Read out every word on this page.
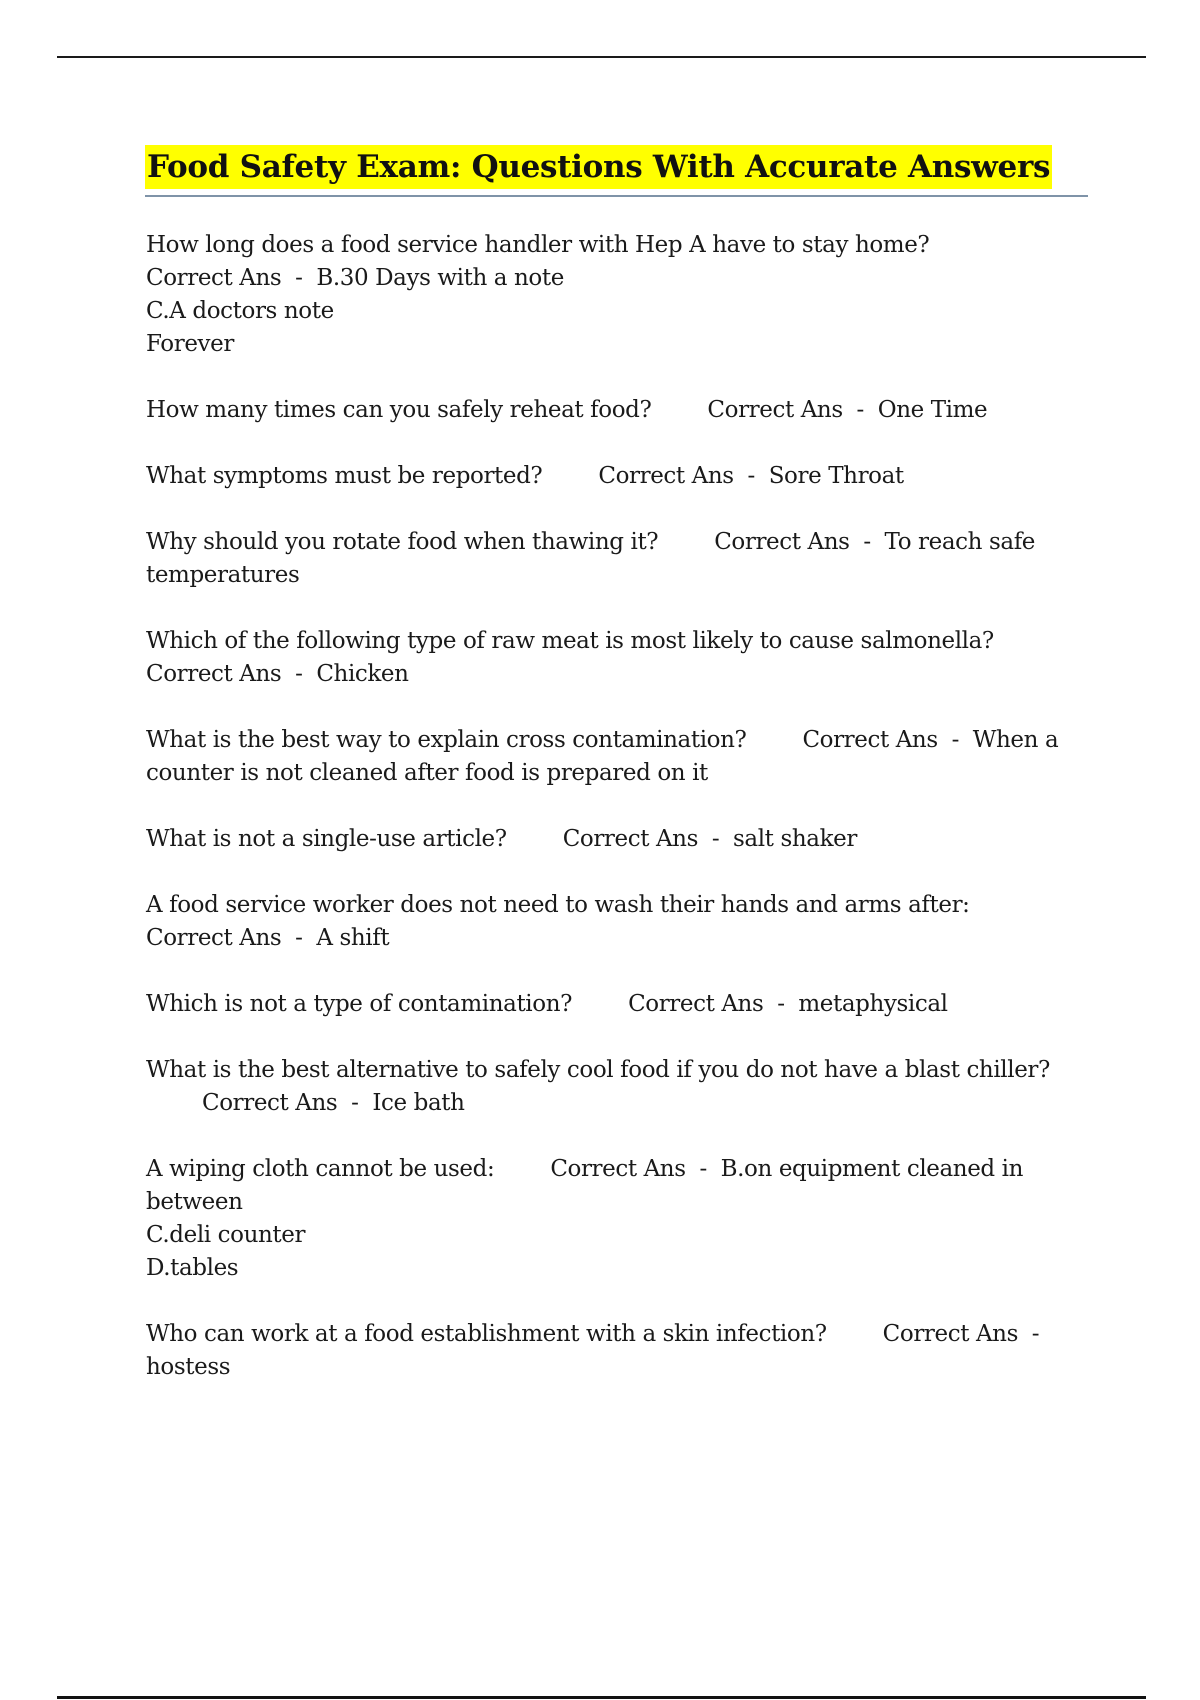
Food Safety Exam: Questions With Accurate Answers
How long does a food service handler with Hep A have to stay home?
Correct Ans  -  B.30 Days with a note
C.A doctors note
Forever
How many times can you safely reheat food? Correct Ans  -  One Time
What symptoms must be reported? Correct Ans  -  Sore Throat
Why should you rotate food when thawing it? Correct Ans  -  To reach safe temperatures
Which of the following type of raw meat is most likely to cause salmonella?
Correct Ans  -  Chicken
What is the best way to explain cross contamination? Correct Ans  -  When a counter is not cleaned after food is prepared on it
What is not a single-use article? Correct Ans  -  salt shaker
A food service worker does not need to wash their hands and arms after:
Correct Ans  -  A shift
Which is not a type of contamination? Correct Ans  -  metaphysical
What is the best alternative to safely cool food if you do not have a blast chiller?Correct Ans  -  Ice bath
A wiping cloth cannot be used: Correct Ans  -  B.on equipment cleaned in between
C.deli counter
D.tables
Who can work at a food establishment with a skin infection? Correct Ans  -  hostess
